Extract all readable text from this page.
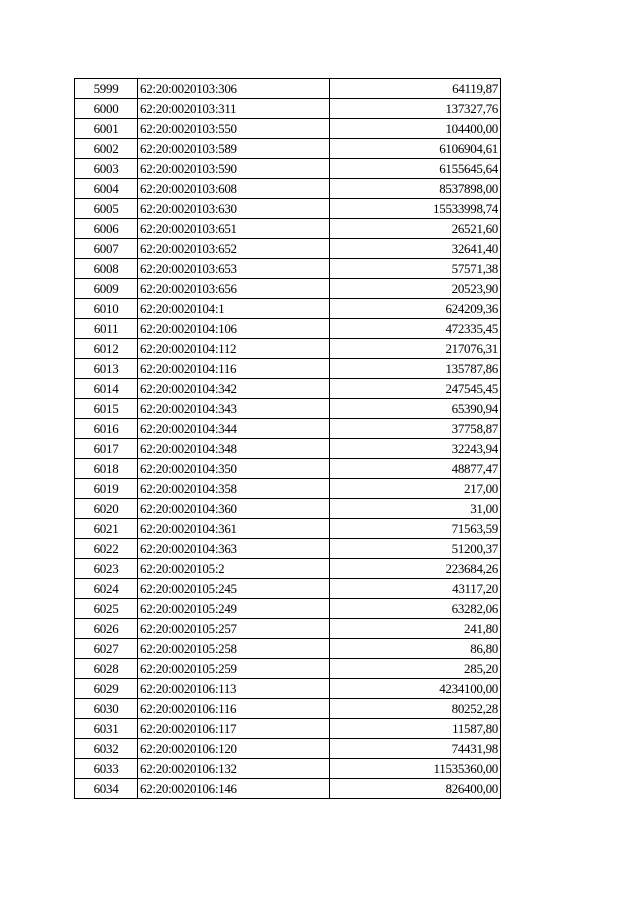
5999	62:20:0020103:306	64119,87
6000	62:20:0020103:311	137327,76
6001	62:20:0020103:550	104400,00
6002	62:20:0020103:589	6106904,61
6003	62:20:0020103:590	6155645,64
6004	62:20:0020103:608	8537898,00
6005	62:20:0020103:630	15533998,74
6006	62:20:0020103:651	26521,60
6007	62:20:0020103:652	32641,40
6008	62:20:0020103:653	57571,38
6009	62:20:0020103:656	20523,90
6010	62:20:0020104:1	624209,36
6011	62:20:0020104:106	472335,45
6012	62:20:0020104:112	217076,31
6013	62:20:0020104:116	135787,86
6014	62:20:0020104:342	247545,45
6015	62:20:0020104:343	65390,94
6016	62:20:0020104:344	37758,87
6017	62:20:0020104:348	32243,94
6018	62:20:0020104:350	48877,47
6019	62:20:0020104:358	217,00
6020	62:20:0020104:360	31,00
6021	62:20:0020104:361	71563,59
6022	62:20:0020104:363	51200,37
6023	62:20:0020105:2	223684,26
6024	62:20:0020105:245	43117,20
6025	62:20:0020105:249	63282,06
6026	62:20:0020105:257	241,80
6027	62:20:0020105:258	86,80
6028	62:20:0020105:259	285,20
6029	62:20:0020106:113	4234100,00
6030	62:20:0020106:116	80252,28
6031	62:20:0020106:117	11587,80
6032	62:20:0020106:120	74431,98
6033	62:20:0020106:132	11535360,00
6034	62:20:0020106:146	826400,00
